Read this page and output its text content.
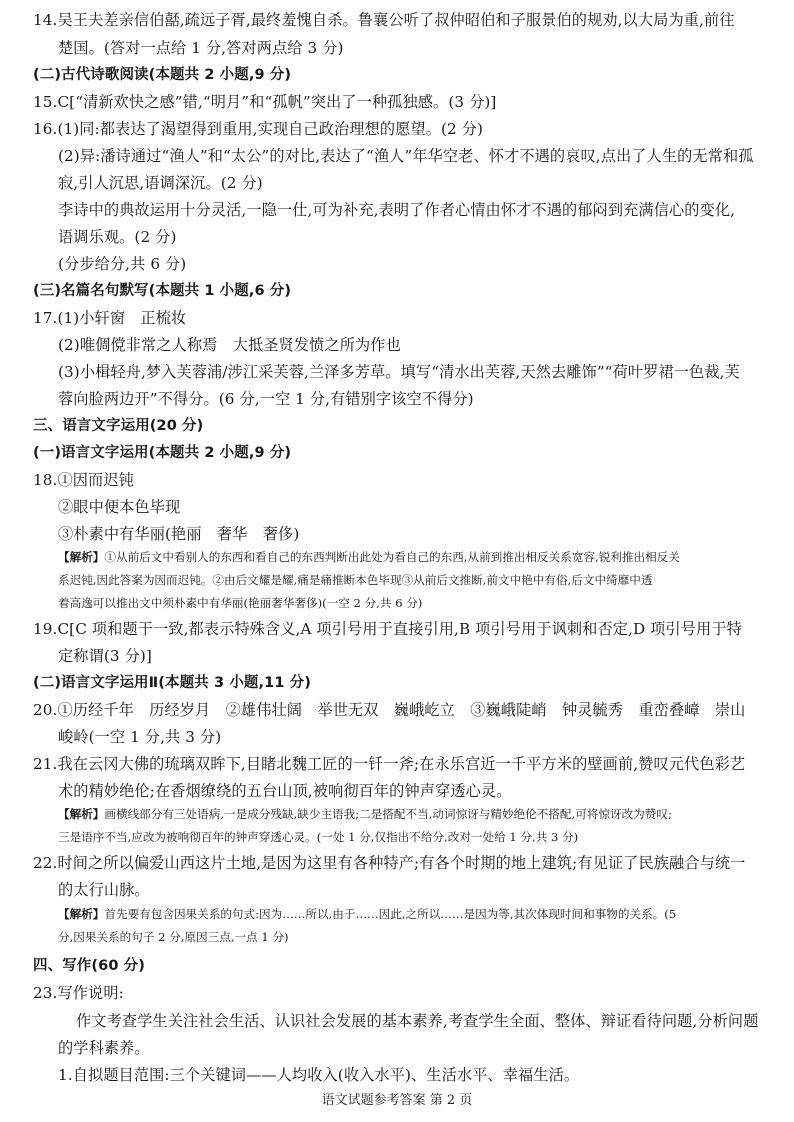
14.吴王夫差亲信伯嚭,疏远子胥,最终羞愧自杀。鲁襄公听了叔仲昭伯和子服景伯的规劝,以大局为重,前往
楚国。(答对一点给 1 分,答对两点给 3 分)
(二)古代诗歌阅读(本题共 2 小题,9 分)
15.C[“清新欢快之感”错,“明月”和“孤帆”突出了一种孤独感。(3 分)]
16.(1)同:都表达了渴望得到重用,实现自己政治理想的愿望。(2 分)
(2)异:潘诗通过“渔人”和“太公”的对比,表达了“渔人”年华空老、怀才不遇的哀叹,点出了人生的无常和孤
寂,引人沉思,语调深沉。(2 分)
李诗中的典故运用十分灵活,一隐一仕,可为补充,表明了作者心情由怀才不遇的郁闷到充满信心的变化,
语调乐观。(2 分)
(分步给分,共 6 分)
(三)名篇名句默写(本题共 1 小题,6 分)
17.(1)小轩窗　正梳妆
(2)唯倜傥非常之人称焉　大抵圣贤发愤之所为作也
(3)小楫轻舟,梦入芙蓉浦/涉江采芙蓉,兰泽多芳草。填写“清水出芙蓉,天然去雕饰”“荷叶罗裙一色裁,芙
蓉向脸两边开”不得分。(6 分,一空 1 分,有错别字该空不得分)
三、语言文字运用(20 分)
(一)语言文字运用(本题共 2 小题,9 分)
18.①因而迟钝
②眼中便本色毕现
③朴素中有华丽(艳丽　奢华　奢侈)
【解析】①从前后文中看别人的东西和看自己的东西判断出此处为看自己的东西,从前到推出相反关系宽容,锐利推出相反关
系迟钝,因此答案为因而迟钝。②由后文耀是耀,痛是痛推断本色毕现③从前后文推断,前文中艳中有俗,后文中绮靡中透
着高逸可以推出文中须朴素中有华丽(艳丽奢华奢侈)(一空 2 分,共 6 分)
19.C[C 项和题干一致,都表示特殊含义,A 项引号用于直接引用,B 项引号用于讽刺和否定,D 项引号用于特
定称谓(3 分)]
(二)语言文字运用Ⅱ(本题共 3 小题,11 分)
20.①历经千年　历经岁月　②雄伟壮阔　举世无双　巍峨屹立　③巍峨陡峭　钟灵毓秀　重峦叠嶂　崇山
峻岭(一空 1 分,共 3 分)
21.我在云冈大佛的琉璃双眸下,目睹北魏工匠的一钎一斧;在永乐宫近一千平方米的壁画前,赞叹元代色彩艺
术的精妙绝伦;在香烟缭绕的五台山顶,被响彻百年的钟声穿透心灵。
【解析】画横线部分有三处语病,一是成分残缺,缺少主语我;二是搭配不当,动词惊讶与精妙绝伦不搭配,可将惊讶改为赞叹;
三是语序不当,应改为被响彻百年的钟声穿透心灵。(一处 1 分,仅指出不给分,改对一处给 1 分,共 3 分)
22.时间之所以偏爱山西这片土地,是因为这里有各种特产;有各个时期的地上建筑;有见证了民族融合与统一
的太行山脉。
【解析】首先要有包含因果关系的句式:因为……所以,由于……因此,之所以……是因为等,其次体现时间和事物的关系。(5
分,因果关系的句子 2 分,原因三点,一点 1 分)
四、写作(60 分)
23.写作说明:
作文考查学生关注社会生活、认识社会发展的基本素养,考查学生全面、整体、辩证看待问题,分析问题
的学科素养。
1.自拟题目范围:三个关键词——人均收入(收入水平)、生活水平、幸福生活。
语文试题参考答案 第 2 页
